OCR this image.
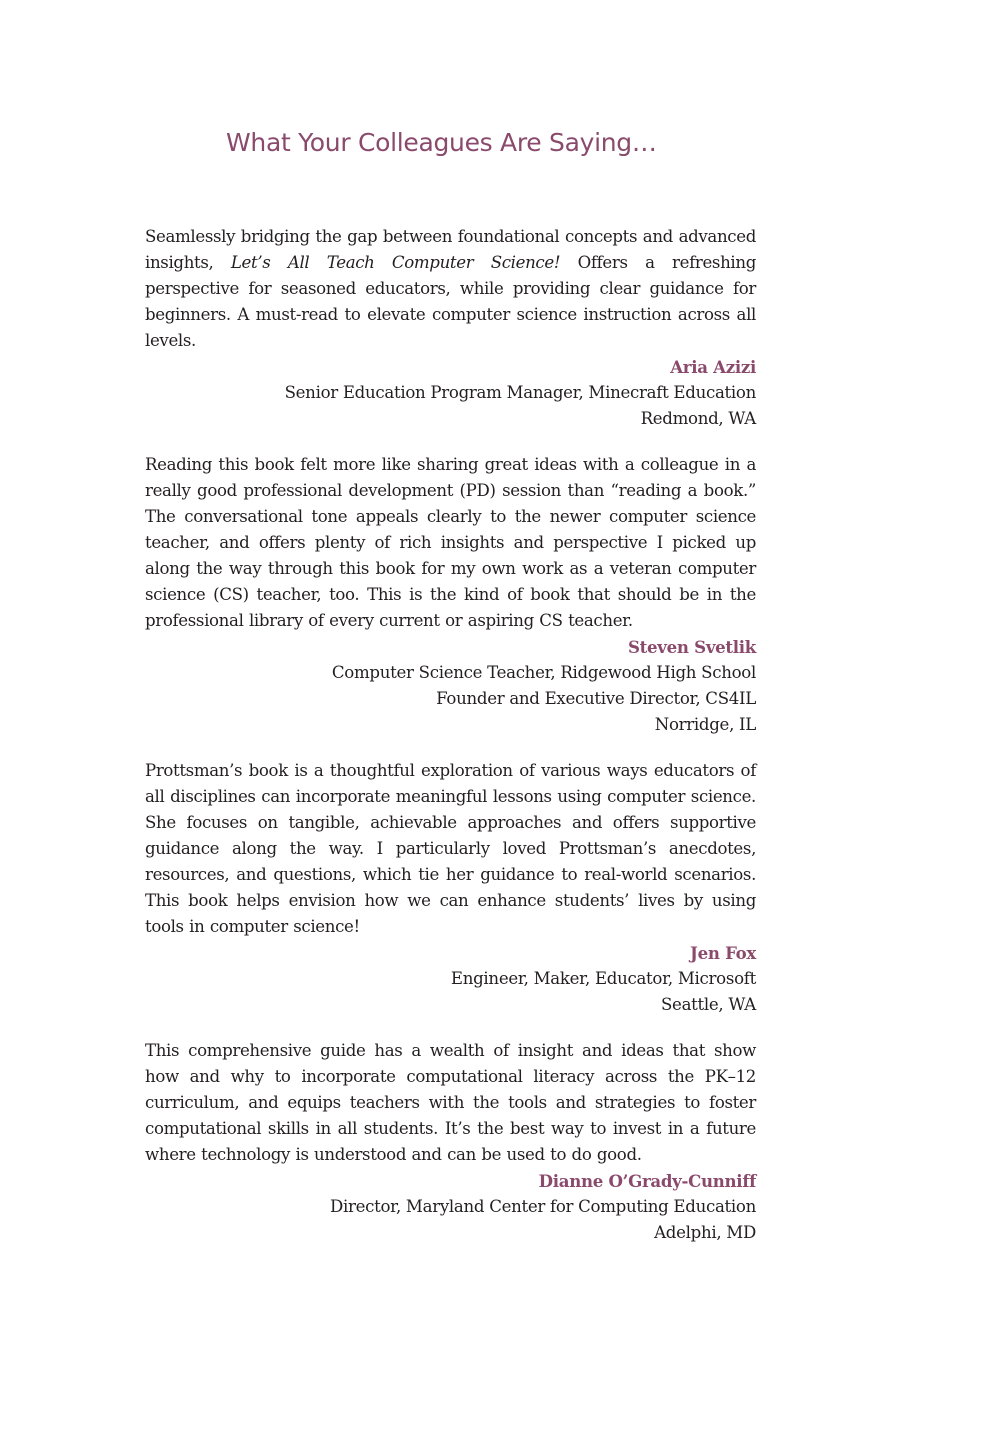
What Your Colleagues Are Saying…

Seamlessly bridging the gap between foundational concepts and advanced insights, Let’s All Teach Computer Science! Offers a refreshing perspective for seasoned educators, while providing clear guidance for beginners. A must-read to elevate computer science instruction across all levels.

Aria Azizi
Senior Education Program Manager, Minecraft Education
Redmond, WA

Reading this book felt more like sharing great ideas with a colleague in a really good professional development (PD) session than “reading a book.” The conversational tone appeals clearly to the newer computer science teacher, and offers plenty of rich insights and perspective I picked up along the way through this book for my own work as a veteran computer science (CS) teacher, too. This is the kind of book that should be in the professional library of every current or aspiring CS teacher.

Steven Svetlik
Computer Science Teacher, Ridgewood High School
Founder and Executive Director, CS4IL
Norridge, IL

Prottsman’s book is a thoughtful exploration of various ways educators of all disciplines can incorporate meaningful lessons using computer science. She focuses on tangible, achievable approaches and offers supportive guidance along the way. I particularly loved Prottsman’s anecdotes, resources, and questions, which tie her guidance to real-world scenarios. This book helps envision how we can enhance students’ lives by using tools in computer science!

Jen Fox
Engineer, Maker, Educator, Microsoft
Seattle, WA

This comprehensive guide has a wealth of insight and ideas that show how and why to incorporate computational literacy across the PK–12 curriculum, and equips teachers with the tools and strategies to foster computational skills in all students. It’s the best way to invest in a future where technology is understood and can be used to do good.

Dianne O’Grady-Cunniff
Director, Maryland Center for Computing Education
Adelphi, MD
